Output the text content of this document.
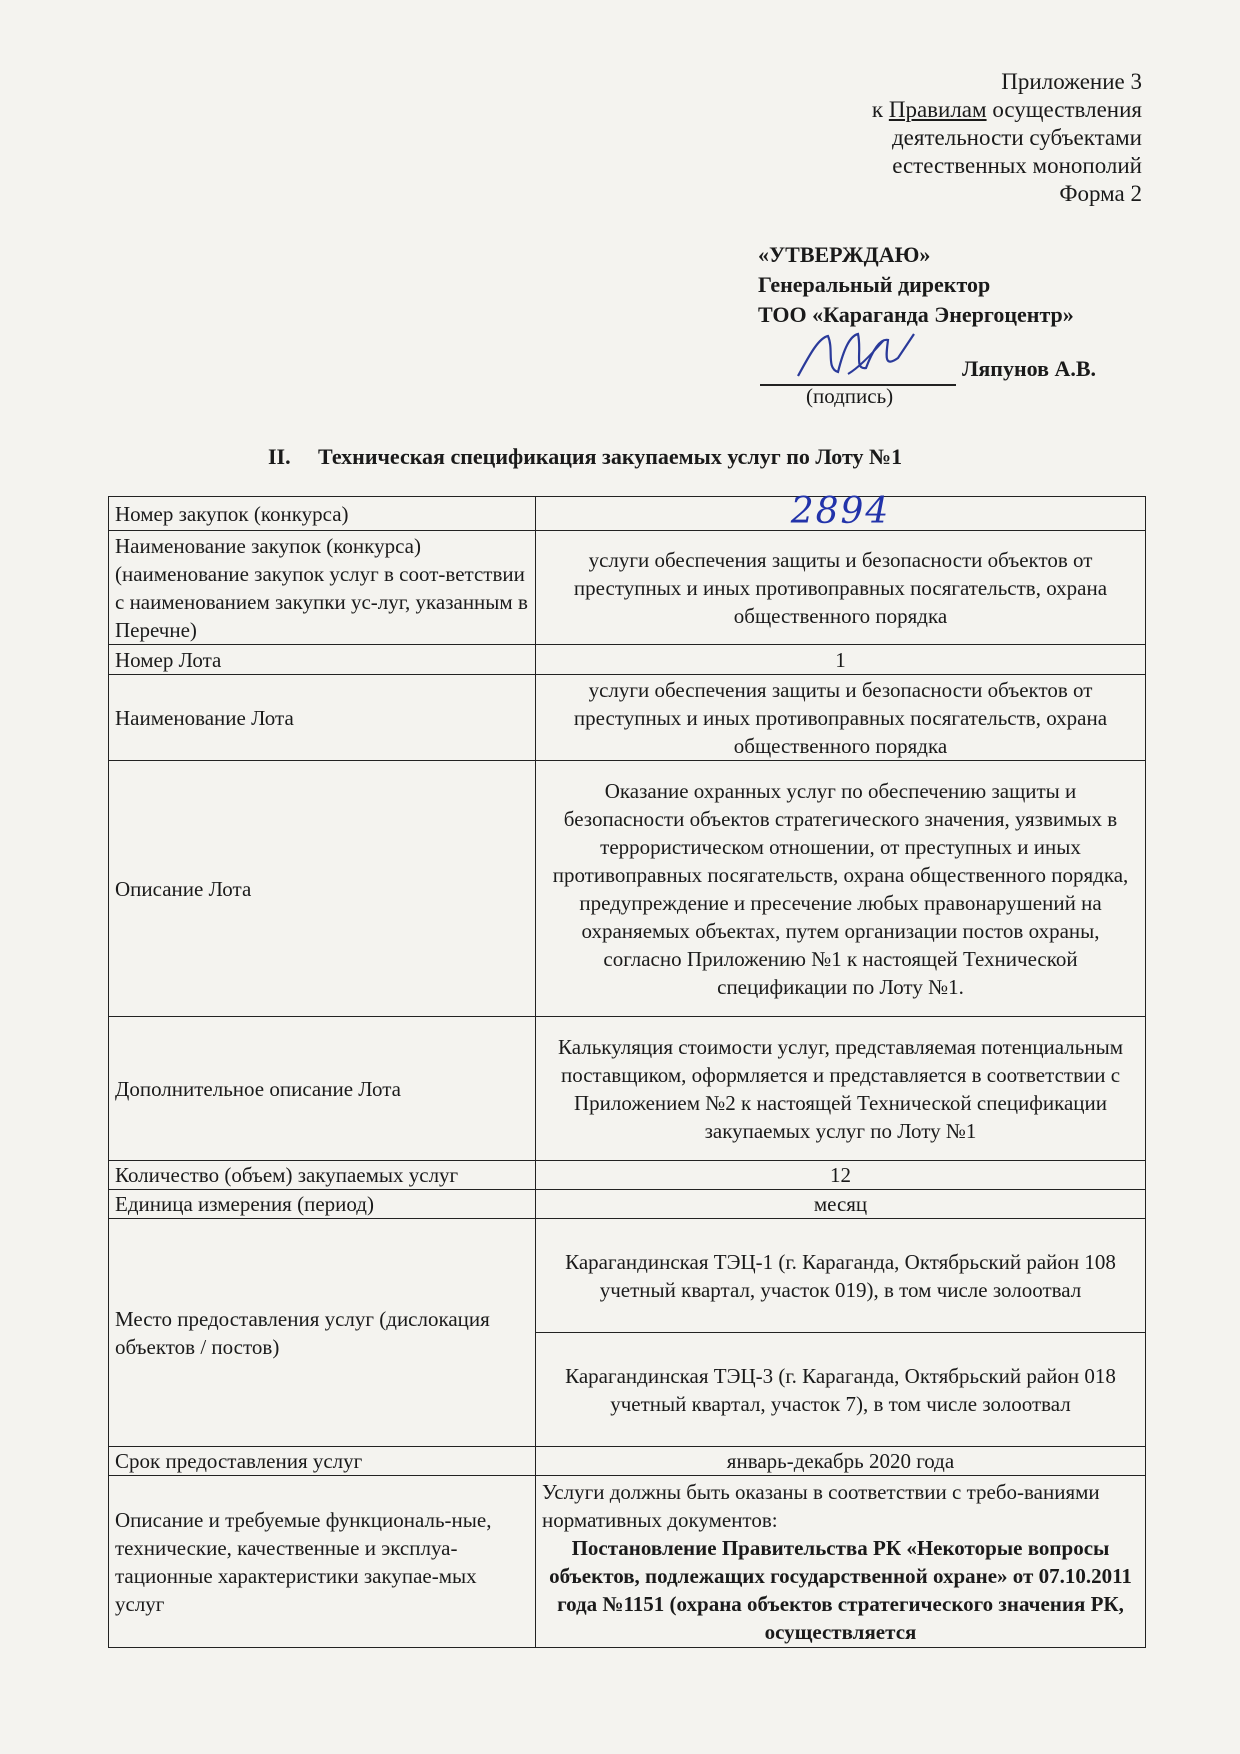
Приложение 3
к Правилам осуществления
деятельности субъектами
естественных монополий
Форма 2
«УТВЕРЖДАЮ»
Генеральный директор
ТОО «Караганда Энергоцентр»
Ляпунов А.В.
(подпись)
II. Техническая спецификация закупаемых услуг по Лоту №1
Номер закупок (конкурса)	2894
Наименование закупок (конкурса) (наименование закупок услуг в соот-ветствии с наименованием закупки ус-луг, указанным в Перечне)	услуги обеспечения защиты и безопасности объектов от преступных и иных противоправных посягательств, охрана общественного порядка
Номер Лота	1
Наименование Лота	услуги обеспечения защиты и безопасности объектов от преступных и иных противоправных посягательств, охрана общественного порядка
Описание Лота	Оказание охранных услуг по обеспечению защиты и безопасности объектов стратегического значения, уязвимых в террористическом отношении, от преступных и иных противоправных посягательств, охрана общественного порядка, предупреждение и пресечение любых правонарушений на охраняемых объектах, путем организации постов охраны, согласно Приложению №1 к настоящей Технической спецификации по Лоту №1.
Дополнительное описание Лота	Калькуляция стоимости услуг, представляемая потенциальным поставщиком, оформляется и представляется в соответствии с Приложением №2 к настоящей Технической спецификации закупаемых услуг по Лоту №1
Количество (объем) закупаемых услуг	12
Единица измерения (период)	месяц
Место предоставления услуг (дислокация объектов / постов)	Карагандинская ТЭЦ-1 (г. Караганда, Октябрьский район 108 учетный квартал, участок 019), в том числе золоотвал
	Карагандинская ТЭЦ-3 (г. Караганда, Октябрьский район 018 учетный квартал, участок 7), в том числе золоотвал
Срок предоставления услуг	январь-декабрь 2020 года
Описание и требуемые функциональ-ные, технические, качественные и эксплуа-тационные характеристики закупае-мых услуг	Услуги должны быть оказаны в соответствии с требо-ваниями нормативных документов:
Постановление Правительства РК «Некоторые вопросы объектов, подлежащих государственной охране» от 07.10.2011 года №1151 (охрана объектов стратегического значения РК, осуществляется
